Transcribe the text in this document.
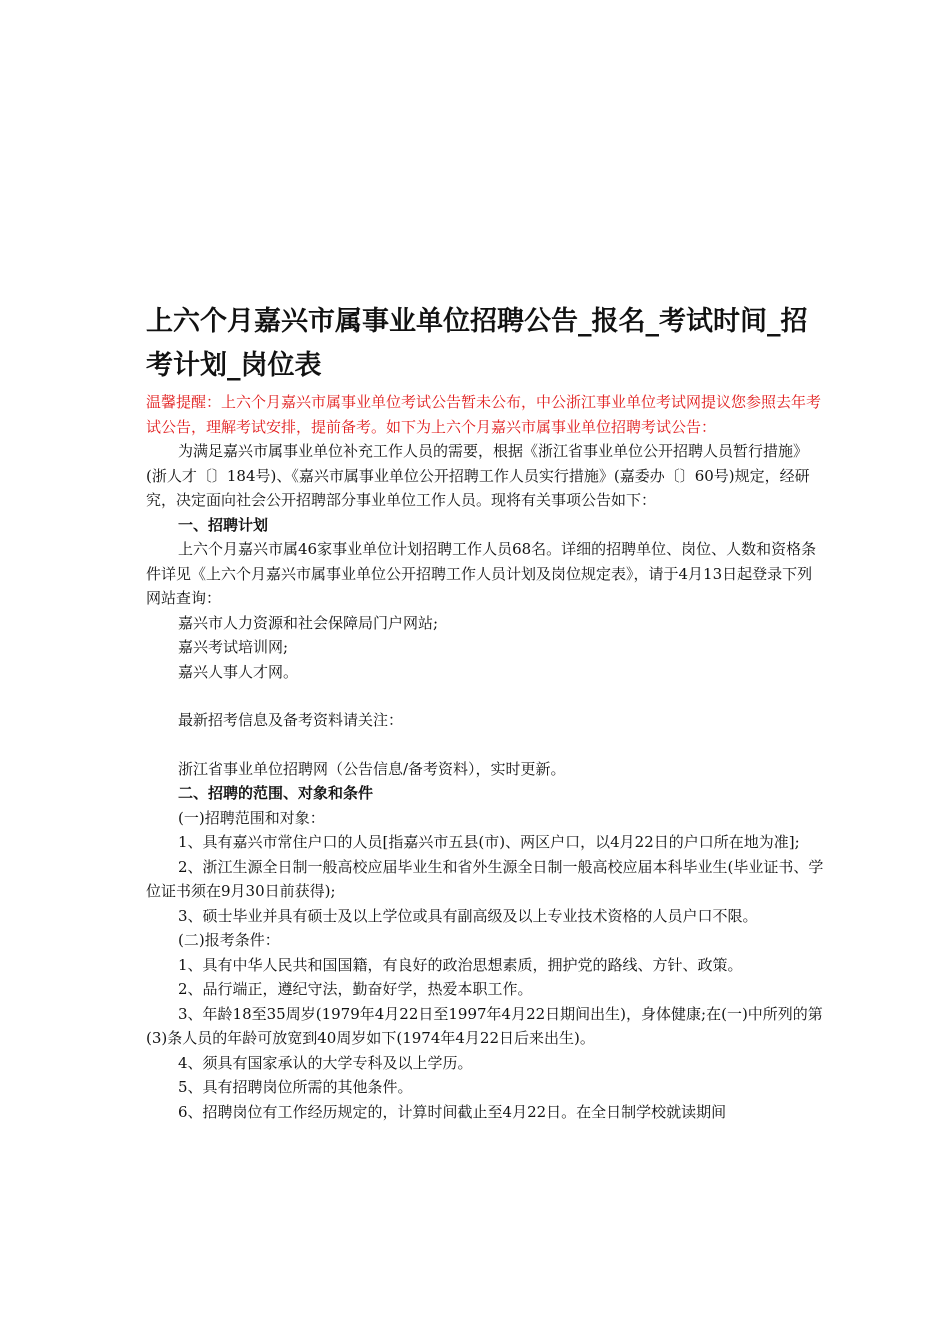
上六个月嘉兴市属事业单位招聘公告_报名_考试时间_招考计划_岗位表

温馨提醒：上六个月嘉兴市属事业单位考试公告暂未公布，中公浙江事业单位考试网提议您参照去年考试公告，理解考试安排，提前备考。如下为上六个月嘉兴市属事业单位招聘考试公告：

为满足嘉兴市属事业单位补充工作人员的需要，根据《浙江省事业单位公开招聘人员暂行措施》(浙人才〔〕184号)、《嘉兴市属事业单位公开招聘工作人员实行措施》(嘉委办〔〕60号)规定，经研究，决定面向社会公开招聘部分事业单位工作人员。现将有关事项公告如下：

一、招聘计划

上六个月嘉兴市属46家事业单位计划招聘工作人员68名。详细的招聘单位、岗位、人数和资格条件详见《上六个月嘉兴市属事业单位公开招聘工作人员计划及岗位规定表》，请于4月13日起登录下列网站查询：

嘉兴市人力资源和社会保障局门户网站;

嘉兴考试培训网;

嘉兴人事人才网。

最新招考信息及备考资料请关注：

浙江省事业单位招聘网（公告信息/备考资料），实时更新。

二、招聘的范围、对象和条件

(一)招聘范围和对象：

1、具有嘉兴市常住户口的人员[指嘉兴市五县(市)、两区户口，以4月22日的户口所在地为准];

2、浙江生源全日制一般高校应届毕业生和省外生源全日制一般高校应届本科毕业生(毕业证书、学位证书须在9月30日前获得);

3、硕士毕业并具有硕士及以上学位或具有副高级及以上专业技术资格的人员户口不限。

(二)报考条件：

1、具有中华人民共和国国籍，有良好的政治思想素质，拥护党的路线、方针、政策。

2、品行端正，遵纪守法，勤奋好学，热爱本职工作。

3、年龄18至35周岁(1979年4月22日至1997年4月22日期间出生)，身体健康;在(一)中所列的第(3)条人员的年龄可放宽到40周岁如下(1974年4月22日后来出生)。

4、须具有国家承认的大学专科及以上学历。

5、具有招聘岗位所需的其他条件。

6、招聘岗位有工作经历规定的，计算时间截止至4月22日。在全日制学校就读期间
